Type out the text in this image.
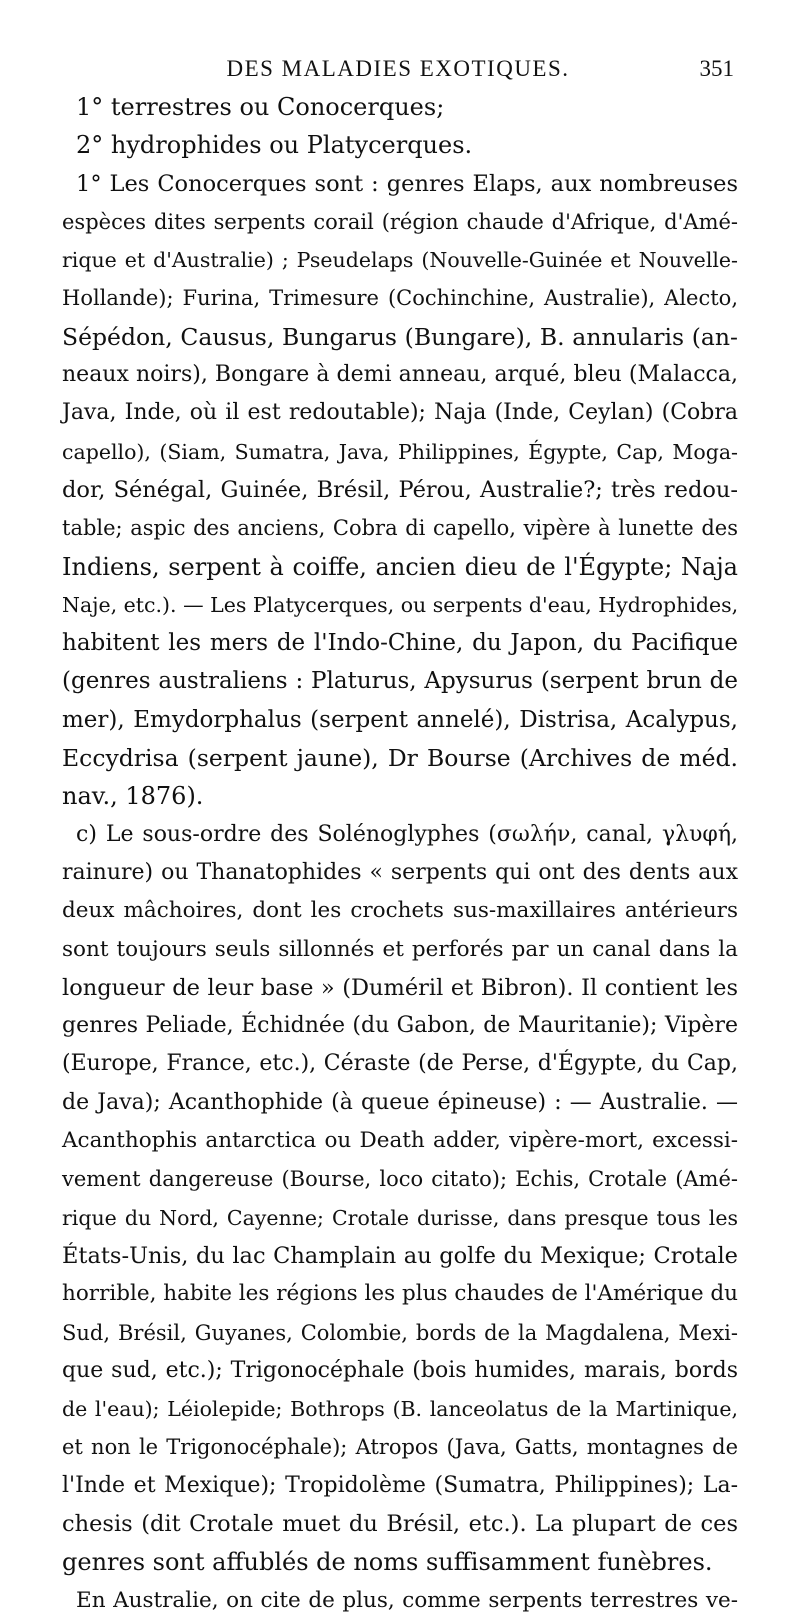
DES MALADIES EXOTIQUES.	351
1° terrestres ou Conocerques;
2° hydrophides ou Platycerques.
1° Les Conocerques sont : genres Elaps, aux nombreuses
espèces dites serpents corail (région chaude d'Afrique, d'Amé-
rique et d'Australie) ; Pseudelaps (Nouvelle-Guinée et Nouvelle-
Hollande); Furina, Trimesure (Cochinchine, Australie), Alecto,
Sépédon, Causus, Bungarus (Bungare), B. annularis (an-
neaux noirs), Bongare à demi anneau, arqué, bleu (Malacca,
Java, Inde, où il est redoutable); Naja (Inde, Ceylan) (Cobra
capello), (Siam, Sumatra, Java, Philippines, Égypte, Cap, Moga-
dor, Sénégal, Guinée, Brésil, Pérou, Australie?; très redou-
table; aspic des anciens, Cobra di capello, vipère à lunette des
Indiens, serpent à coiffe, ancien dieu de l'Égypte; Naja
Naje, etc.). — Les Platycerques, ou serpents d'eau, Hydrophides,
habitent les mers de l'Indo-Chine, du Japon, du Pacifique
(genres australiens : Platurus, Apysurus (serpent brun de
mer), Emydorphalus (serpent annelé), Distrisa, Acalypus,
Eccydrisa (serpent jaune), Dr Bourse (Archives de méd.
nav., 1876).
c) Le sous-ordre des Solénoglyphes (σωλήν, canal, γλυφή,
rainure) ou Thanatophides « serpents qui ont des dents aux
deux mâchoires, dont les crochets sus-maxillaires antérieurs
sont toujours seuls sillonnés et perforés par un canal dans la
longueur de leur base » (Duméril et Bibron). Il contient les
genres Peliade, Échidnée (du Gabon, de Mauritanie); Vipère
(Europe, France, etc.), Céraste (de Perse, d'Égypte, du Cap,
de Java); Acanthophide (à queue épineuse) : — Australie. —
Acanthophis antarctica ou Death adder, vipère-mort, excessi-
vement dangereuse (Bourse, loco citato); Echis, Crotale (Amé-
rique du Nord, Cayenne; Crotale durisse, dans presque tous les
États-Unis, du lac Champlain au golfe du Mexique; Crotale
horrible, habite les régions les plus chaudes de l'Amérique du
Sud, Brésil, Guyanes, Colombie, bords de la Magdalena, Mexi-
que sud, etc.); Trigonocéphale (bois humides, marais, bords
de l'eau); Léiolepide; Bothrops (B. lanceolatus de la Martinique,
et non le Trigonocéphale); Atropos (Java, Gatts, montagnes de
l'Inde et Mexique); Tropidolème (Sumatra, Philippines); La-
chesis (dit Crotale muet du Brésil, etc.). La plupart de ces
genres sont affublés de noms suffisamment funèbres.
En Australie, on cite de plus, comme serpents terrestres ve-
